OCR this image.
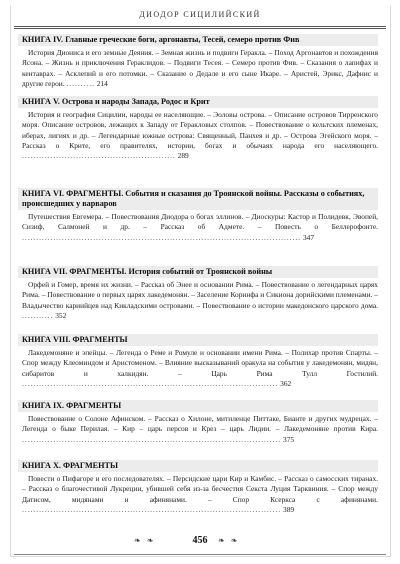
ДИОДОР СИЦИЛИЙСКИЙ
КНИГА IV. Главные греческие боги, аргонавты, Тесей, семеро против Фив
История Диониса и его земные Деяния. – Земная жизнь и подвиги Геракла. – Поход Аргонавтов и похождения Ясона. – Жизнь и приключения Гераклидов. – Подвиги Тесея. – Семеро против Фив. – Сказания о лапифах и кентаврах. – Асклепий и его потомки. – Сказание о Дедале и его сыне Икаре. – Аристей, Эрикс, Дафнис и другие герои. .......... 214
КНИГА V. Острова и народы Запада, Родос и Крит
История и география Сицилии, народы ее населяющие. – Эоловы острова. – Описание островов Тирренского моря. Описание островов, лежащих к Западу от Геракловых столпов. – Повествование о кельтских племенах, иберах, лигиях и др. – Легендарные южные острова: Священный, Панхея и др. – Острова Эгейского моря. – Рассказ о Крите, его правителях, истории, богах и обычаях народа его населяющего. ...................................................... 289
КНИГА VI. ФРАГМЕНТЫ. События и сказания до Троянской войны. Рассказы о событиях, происшедших у варваров
Путешествия Евгемера. – Повествования Диодора о богах эллинов. – Диоскуры: Кастор и Полидевк, Эвопей, Сизиф, Салмоней и др. – Рассказ об Адмете. – Повесть о Беллерофонте. .................................................................................................. 347
КНИГА VII. ФРАГМЕНТЫ. История событий от Троянской войны
Орфей и Гомер, время их жизни. – Рассказ об Энее и основании Рима. – Повествование о легендарных царях Рима. – Повествование о первых царях лакедемонян. – Заселение Коринфа и Сикиона дорийскими племенами. – Владычество кариийцев над Кикладскими островами. – Повествование о истории македонского царского дома. ........... 352
КНИГА VIII. ФРАГМЕНТЫ
Лакедемоняне и эпейцы. – Легенда о Реме и Ромуле и основании имени Рима. – Полихар против Спарты. – Спор между Клеоминдом и Аристоменом. – Влияние высказываний оракула на события у лакедемонян, мидян, сибаритов и халкидян. – Царь Рима Тулл Гостилий. .......................................................................................... 362
КНИГА IX. ФРАГМЕНТЫ
Повествование о Солоне Афинском. – Рассказ о Хилоне, митиленце Питтаке, Бианте и других мудрецах. – Легенда о быке Перилая. – Кир – царь персов и Крез – царь Лидии. – Лакедемоняне против Кира. ........................................................................................... 375
КНИГА X. ФРАГМЕНТЫ
Повести о Пифагоре и его последователях. – Персидские цари Кир и Камбис. – Рассказ о самосских тиранах. – Рассказ о благочестивой Лукреции, убившей себя из-за бесчестия Секста Луция Тарквиния. – Спор между Датисом, мидянами и афинянами. – Спор Ксеркса с афинянами. ........................................................................................... 389
❧ ❧	456	❧ ❧
